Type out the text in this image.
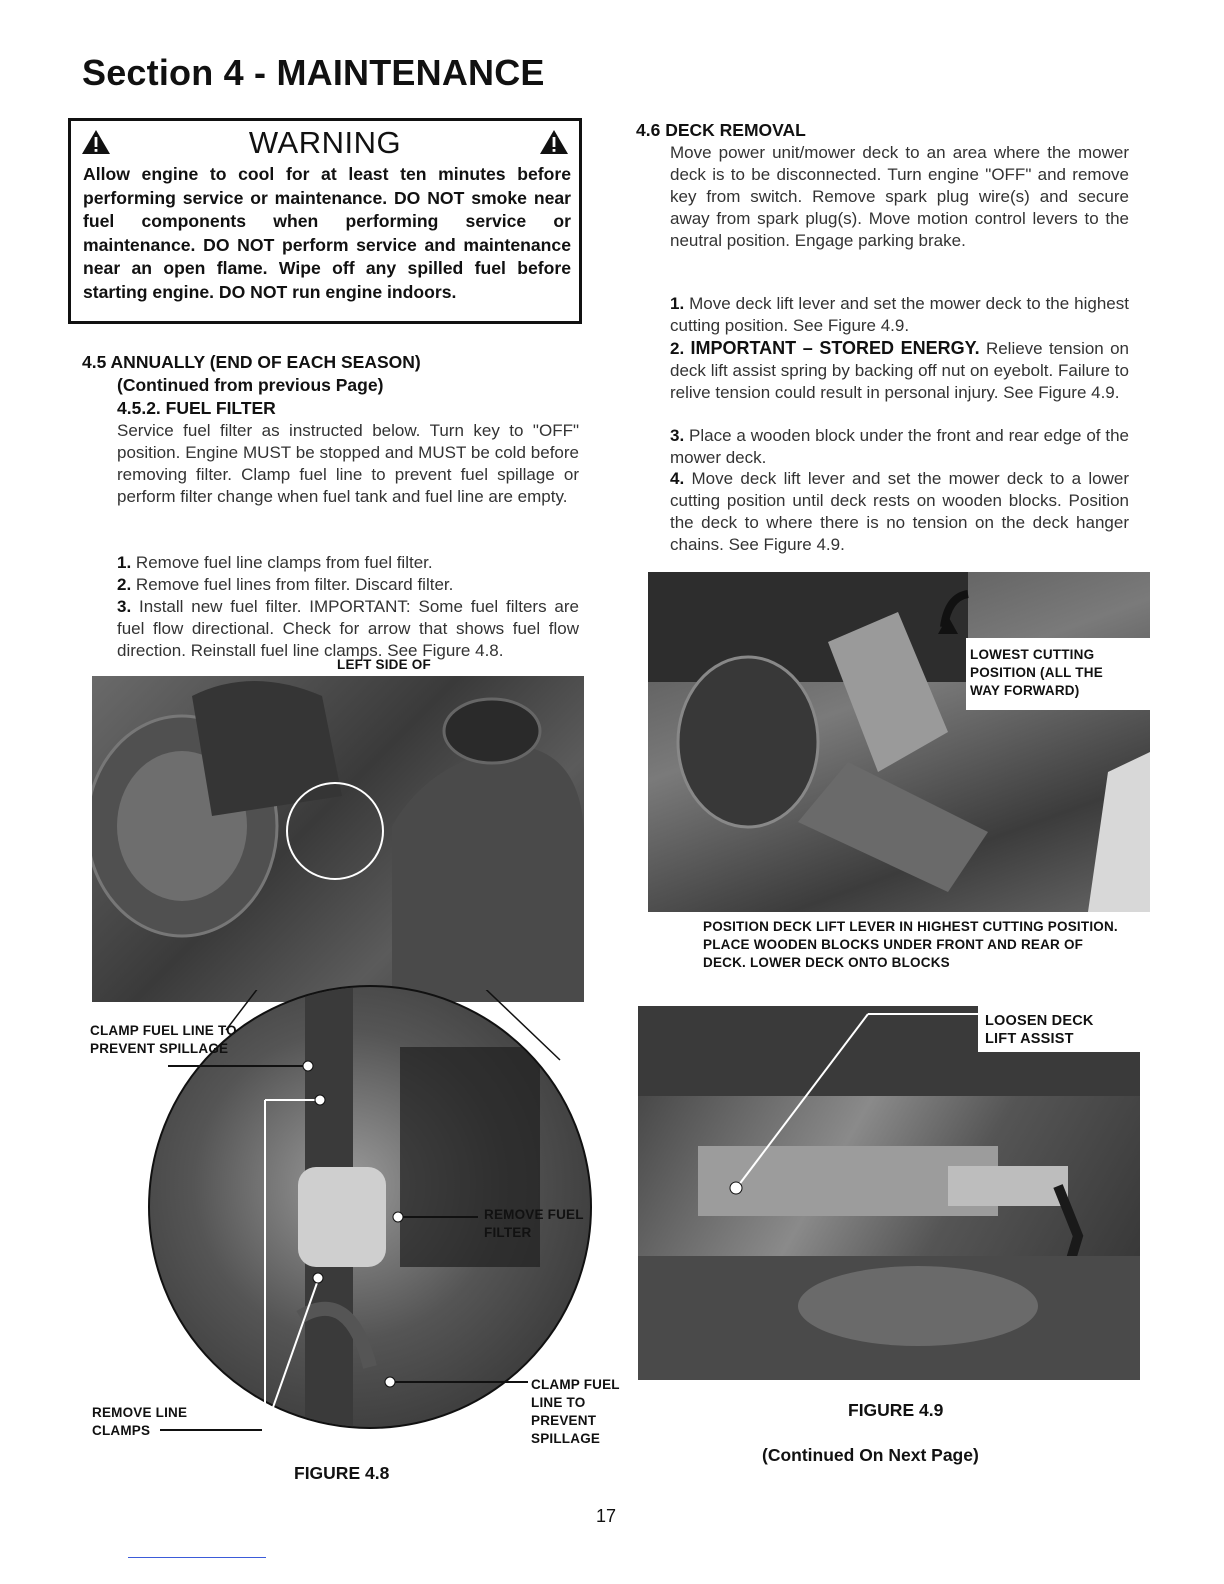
Section 4 - MAINTENANCE
WARNING
Allow engine to cool for at least ten minutes before performing service or maintenance. DO NOT smoke near fuel components when performing service or maintenance. DO NOT perform service and maintenance near an open flame. Wipe off any spilled fuel before starting engine. DO NOT run engine indoors.
4.5 ANNUALLY (END OF EACH SEASON)
(Continued from previous Page)
4.5.2. FUEL FILTER
Service fuel filter as instructed below. Turn key to "OFF" position. Engine MUST be stopped and MUST be cold before removing filter. Clamp fuel line to prevent fuel spillage or perform filter change when fuel tank and fuel line are empty.
1. Remove fuel line clamps from fuel filter.
2. Remove fuel lines from filter. Discard filter.
3. Install new fuel filter. IMPORTANT: Some fuel filters are fuel flow directional. Check for arrow that shows fuel flow direction. Reinstall fuel line clamps. See Figure 4.8.
LEFT SIDE OF
CLAMP FUEL LINE TO PREVENT SPILLAGE
REMOVE FUEL FILTER
REMOVE LINE CLAMPS
CLAMP FUEL LINE TO PREVENT SPILLAGE
FIGURE 4.8
4.6 DECK REMOVAL
Move power unit/mower deck to an area where the mower deck is to be disconnected. Turn engine "OFF" and remove key from switch. Remove spark plug wire(s) and secure away from spark plug(s). Move motion control levers to the neutral position. Engage parking brake.
1. Move deck lift lever and set the mower deck to the highest cutting position. See Figure 4.9.
2. IMPORTANT – STORED ENERGY. Relieve tension on deck lift assist spring by backing off nut on eyebolt. Failure to relive tension could result in personal injury. See Figure 4.9.
3. Place a wooden block under the front and rear edge of the mower deck.
4. Move deck lift lever and set the mower deck to a lower cutting position until deck rests on wooden blocks. Position the deck to where there is no tension on the deck hanger chains. See Figure 4.9.
LOWEST CUTTING POSITION (ALL THE WAY FORWARD)
POSITION DECK LIFT LEVER IN HIGHEST CUTTING POSITION. PLACE WOODEN BLOCKS UNDER FRONT AND REAR OF DECK. LOWER DECK ONTO BLOCKS
LOOSEN DECK LIFT ASSIST
FIGURE 4.9
(Continued On Next Page)
17
